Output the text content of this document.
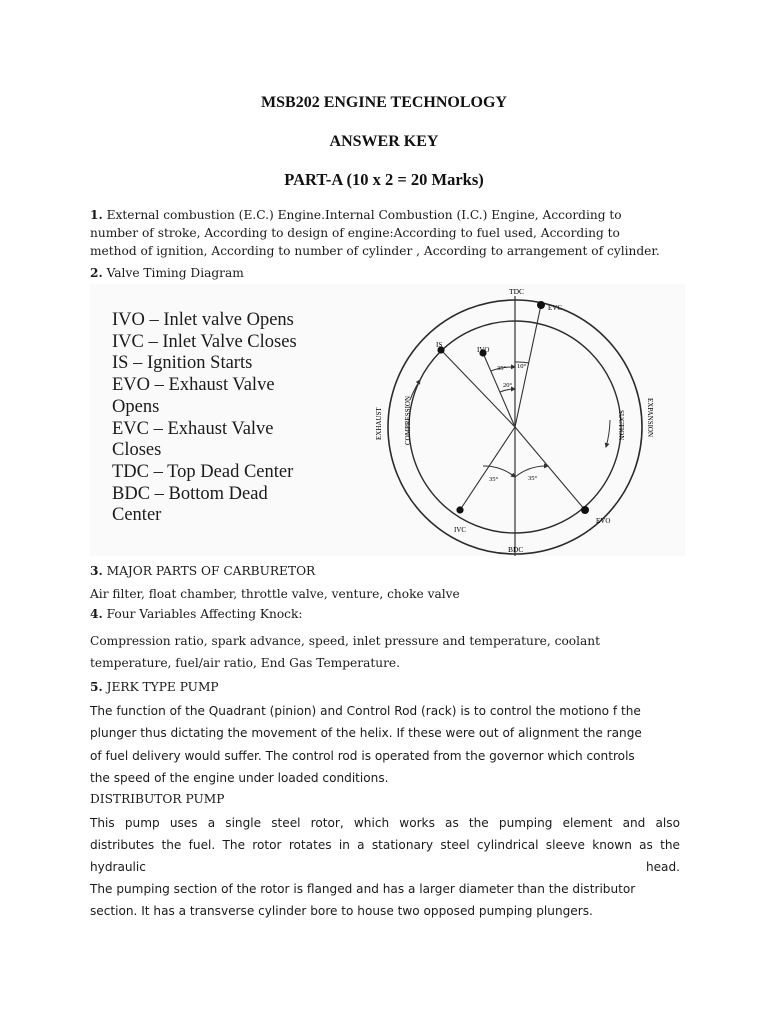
MSB202 ENGINE TECHNOLOGY
ANSWER KEY
PART-A (10 x 2 = 20 Marks)
1. External combustion (E.C.) Engine.Internal Combustion (I.C.) Engine, According to
number of stroke, According to design of engine:According to fuel used, According to
method of ignition, According to number of cylinder , According to arrangement of cylinder.
2. Valve Timing Diagram
IVO – Inlet valve Opens
IVC – Inlet Valve Closes
IS – Ignition Starts
EVO – Exhaust Valve
Opens
EVC – Exhaust Valve
Closes
TDC – Top Dead Center
BDC – Bottom Dead
Center
TDC
BDC
EVC
IS
IVO
IVC
EVO
10°
35°
20°
35°	35°
EXHAUST	COMPRESSION	SUCTION	EXPANSION
3. MAJOR PARTS OF CARBURETOR
Air filter, float chamber, throttle valve, venture, choke valve
4. Four Variables Affecting Knock:
Compression ratio, spark advance, speed, inlet pressure and temperature, coolant
temperature, fuel/air ratio, End Gas Temperature.
5. JERK TYPE PUMP
The function of the Quadrant (pinion) and Control Rod (rack) is to control the motiono f the
plunger thus dictating the movement of the helix. If these were out of alignment the range
of fuel delivery would suffer. The control rod is operated from the governor which controls
the speed of the engine under loaded conditions.
DISTRIBUTOR PUMP
This pump uses a single steel rotor, which works as the pumping element and also
distributes the fuel. The rotor rotates in a stationary steel cylindrical sleeve known as the
hydraulic head.
The pumping section of the rotor is flanged and has a larger diameter than the distributor
section. It has a transverse cylinder bore to house two opposed pumping plungers.
